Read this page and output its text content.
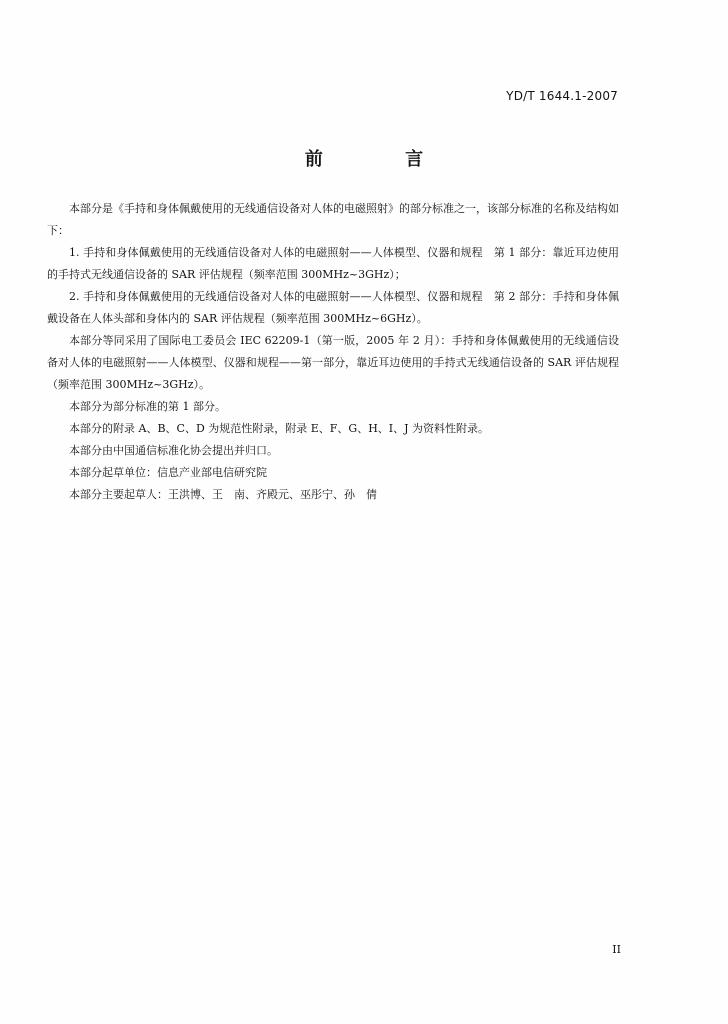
YD/T 1644.1-2007
前 言

本部分是《手持和身体佩戴使用的无线通信设备对人体的电磁照射》的部分标准之一，该部分标准的名称及结构如下：

1. 手持和身体佩戴使用的无线通信设备对人体的电磁照射——人体模型、仪器和规程　第 1 部分：靠近耳边使用的手持式无线通信设备的 SAR 评估规程（频率范围 300MHz~3GHz）；

2. 手持和身体佩戴使用的无线通信设备对人体的电磁照射——人体模型、仪器和规程　第 2 部分：手持和身体佩戴设备在人体头部和身体内的 SAR 评估规程（频率范围 300MHz~6GHz）。

本部分等同采用了国际电工委员会 IEC 62209-1（第一版，2005 年 2 月）：手持和身体佩戴使用的无线通信设备对人体的电磁照射——人体模型、仪器和规程——第一部分，靠近耳边使用的手持式无线通信设备的 SAR 评估规程（频率范围 300MHz~3GHz）。

本部分为部分标准的第 1 部分。

本部分的附录 A、B、C、D 为规范性附录，附录 E、F、G、H、I、J 为资料性附录。

本部分由中国通信标准化协会提出并归口。

本部分起草单位：信息产业部电信研究院

本部分主要起草人：王洪博、王　南、齐殿元、巫彤宁、孙　倩

II
